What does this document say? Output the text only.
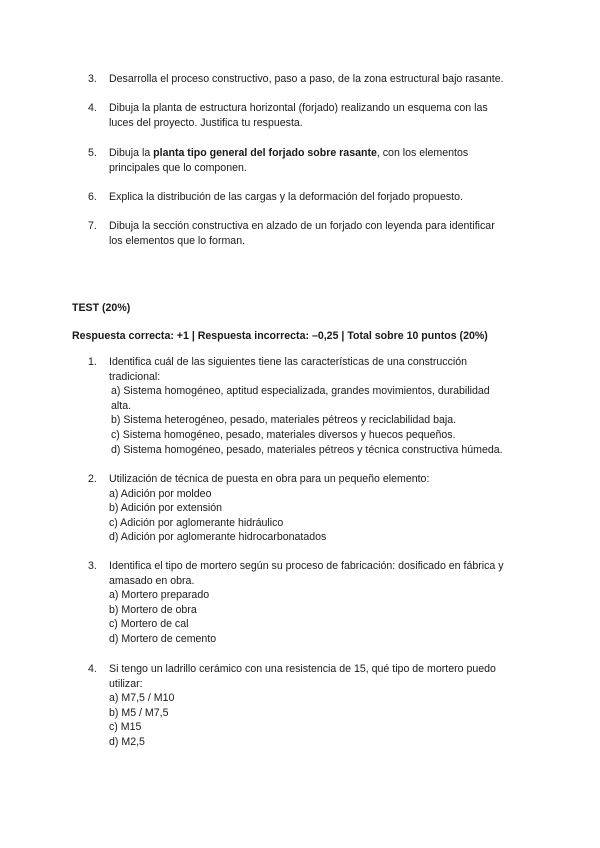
3.	Desarrolla el proceso constructivo, paso a paso, de la zona estructural bajo rasante.
4.	Dibuja la planta de estructura horizontal (forjado) realizando un esquema con las
luces del proyecto. Justifica tu respuesta.
5.	Dibuja la planta tipo general del forjado sobre rasante, con los elementos
principales que lo componen.
6.	Explica la distribución de las cargas y la deformación del forjado propuesto.
7.	Dibuja la sección constructiva en alzado de un forjado con leyenda para identificar
los elementos que lo forman.
TEST (20%)
Respuesta correcta: +1 | Respuesta incorrecta: –0,25 | Total sobre 10 puntos (20%)
1.	Identifica cuál de las siguientes tiene las características de una construcción
tradicional:
a) Sistema homogéneo, aptitud especializada, grandes movimientos, durabilidad
alta.
b) Sistema heterogéneo, pesado, materiales pétreos y reciclabilidad baja.
c) Sistema homogéneo, pesado, materiales diversos y huecos pequeños.
d) Sistema homogéneo, pesado, materiales pétreos y técnica constructiva húmeda.
2.	Utilización de técnica de puesta en obra para un pequeño elemento:
a) Adición por moldeo
b) Adición por extensión
c) Adición por aglomerante hidráulico
d) Adición por aglomerante hidrocarbonatados
3.	Identifica el tipo de mortero según su proceso de fabricación: dosificado en fábrica y
amasado en obra.
a) Mortero preparado
b) Mortero de obra
c) Mortero de cal
d) Mortero de cemento
4.	Si tengo un ladrillo cerámico con una resistencia de 15, qué tipo de mortero puedo
utilizar:
a) M7,5 / M10
b) M5 / M7,5
c) M15
d) M2,5
